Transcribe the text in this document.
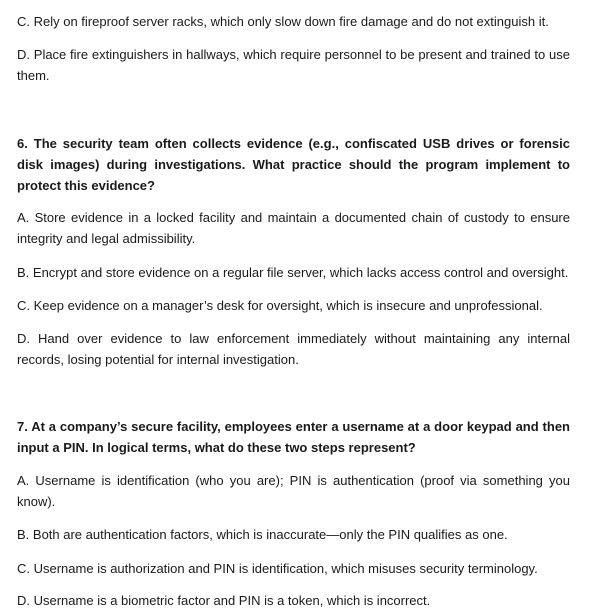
C. Rely on fireproof server racks, which only slow down fire damage and do not extinguish it.

D. Place fire extinguishers in hallways, which require personnel to be present and trained to use them.

6. The security team often collects evidence (e.g., confiscated USB drives or forensic disk images) during investigations. What practice should the program implement to protect this evidence?

A. Store evidence in a locked facility and maintain a documented chain of custody to ensure integrity and legal admissibility.

B. Encrypt and store evidence on a regular file server, which lacks access control and oversight.

C. Keep evidence on a manager’s desk for oversight, which is insecure and unprofessional.

D. Hand over evidence to law enforcement immediately without maintaining any internal records, losing potential for internal investigation.

7. At a company’s secure facility, employees enter a username at a door keypad and then input a PIN. In logical terms, what do these two steps represent?

A. Username is identification (who you are); PIN is authentication (proof via something you know).

B. Both are authentication factors, which is inaccurate—only the PIN qualifies as one.

C. Username is authorization and PIN is identification, which misuses security terminology.

D. Username is a biometric factor and PIN is a token, which is incorrect.
